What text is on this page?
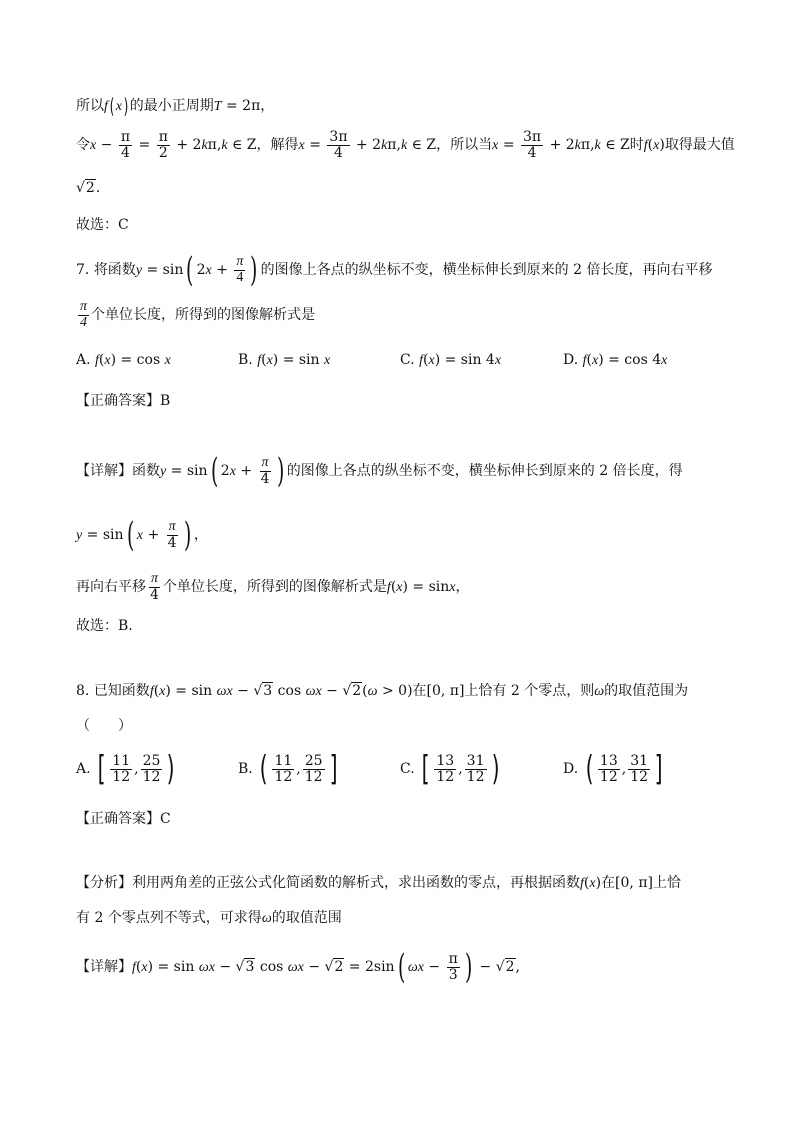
所以f( x) 的最小正周期T = 2π，
令$x - \frac{\pi}{4} = \frac{\pi}{2} + 2k\pi,k$ ∈ Z，解得$x = \frac{3\pi}{4} + 2k\pi,k$ ∈ Z，所以当$x = \frac{3\pi}{4} + 2k\pi,k$ ∈ Z时f(x)取得最大值
√2.
故选：C
7. 将函数y = sin( $2x + \frac{\pi}{4}$ ) 的图像上各点的纵坐标不变，横坐标伸长到原来的 2 倍长度，再向右平移
$\frac{\pi}{4}$ 个单位长度，所得到的图像解析式是
A. f(x) = cos x	B. f(x) = sin x	C. f(x) = sin 4x	D. f(x) = cos 4x
【正确答案】B
【详解】函数y = sin( $2x + \frac{\pi}{4}$ ) 的图像上各点的纵坐标不变，横坐标伸长到原来的 2 倍长度，得
y = sin( $x + \frac{\pi}{4}$ ) ，
再向右平移 $\frac{\pi}{4}$ 个单位长度，所得到的图像解析式是f(x) = sinx，
故选：B.
8. 已知函数f(x) = sin ωx − √3 cos ωx − √2(ω > 0)在[0, π]上恰有 2 个零点，则ω的取值范围为
（　　）
A. [ $\frac{11}{12}$ , $\frac{25}{12}$ )	B. ( $\frac{11}{12}$ , $\frac{25}{12}$ ]	C. [ $\frac{13}{12}$ , $\frac{31}{12}$ )	D. ( $\frac{13}{12}$ , $\frac{31}{12}$ ]
【正确答案】C
【分析】利用两角差的正弦公式化简函数的解析式，求出函数的零点，再根据函数f(x)在[0, π]上恰
有 2 个零点列不等式，可求得ω的取值范围
【详解】f(x) = sin ωx − √3 cos ωx − √2 = 2sin( $\omega x - \frac{\pi}{3}$ ) − √2,
